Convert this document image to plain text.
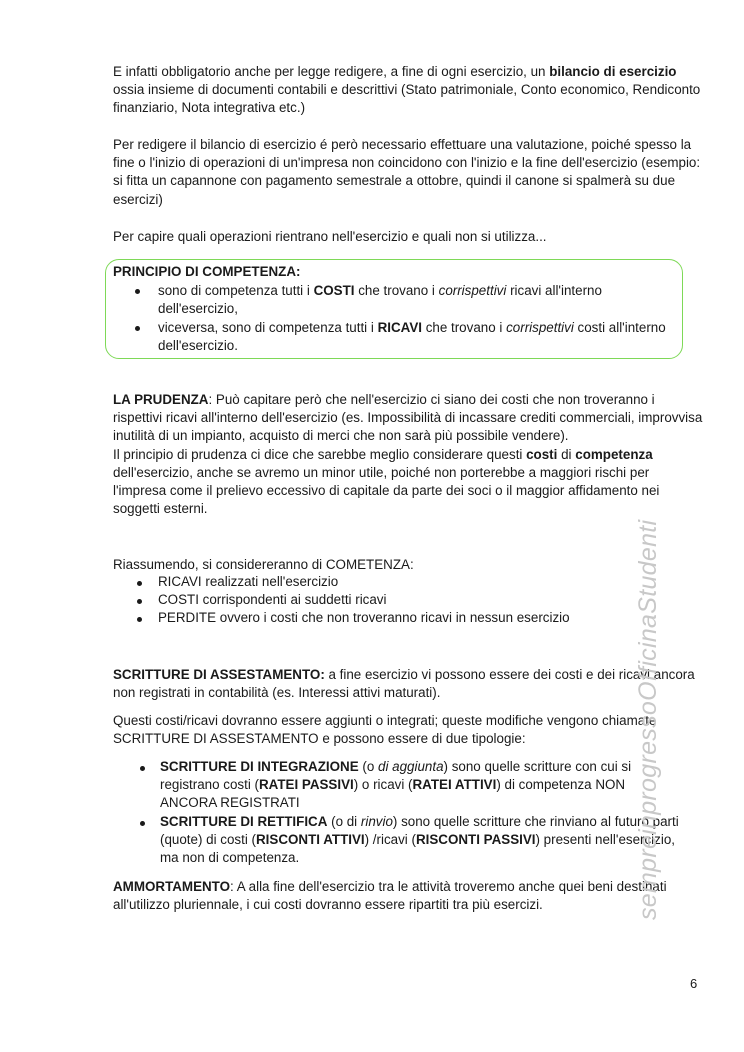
E infatti obbligatorio anche per legge redigere, a fine di ogni esercizio, un bilancio di esercizio ossia insieme di documenti contabili e descrittivi (Stato patrimoniale, Conto economico, Rendiconto finanziario, Nota integrativa etc.)

Per redigere il bilancio di esercizio é però necessario effettuare una valutazione, poiché spesso la fine o l'inizio di operazioni di un'impresa non coincidono con l'inizio e la fine dell'esercizio (esempio: si fitta un capannone con pagamento semestrale a ottobre, quindi il canone si spalmerà su due esercizi)

Per capire quali operazioni rientrano nell'esercizio e quali non si utilizza...

PRINCIPIO DI COMPETENZA:

sono di competenza tutti i COSTI che trovano i corrispettivi ricavi all'interno dell'esercizio,

viceversa, sono di competenza tutti i RICAVI che trovano i corrispettivi costi all'interno dell'esercizio.

LA PRUDENZA: Può capitare però che nell'esercizio ci siano dei costi che non troveranno i rispettivi ricavi all'interno dell'esercizio (es. Impossibilità di incassare crediti commerciali, improvvisa inutilità di un impianto, acquisto di merci che non sarà più possibile vendere).
Il principio di prudenza ci dice che sarebbe meglio considerare questi costi di competenza dell'esercizio, anche se avremo un minor utile, poiché non porterebbe a maggiori rischi per l'impresa come il prelievo eccessivo di capitale da parte dei soci o il maggior affidamento nei soggetti esterni.

Riassumendo, si considereranno di COMETENZA:

RICAVI realizzati nell'esercizio

COSTI corrispondenti ai suddetti ricavi

PERDITE ovvero i costi che non troveranno ricavi in nessun esercizio

SCRITTURE DI ASSESTAMENTO: a fine esercizio vi possono essere dei costi e dei ricavi ancora non registrati in contabilità (es. Interessi attivi maturati).

Questi costi/ricavi dovranno essere aggiunti o integrati; queste modifiche vengono chiamate SCRITTURE DI ASSESTAMENTO e possono essere di due tipologie:

SCRITTURE DI INTEGRAZIONE (o di aggiunta) sono quelle scritture con cui si registrano costi (RATEI PASSIVI) o ricavi (RATEI ATTIVI) di competenza NON ANCORA REGISTRATI

SCRITTURE DI RETTIFICA (o di rinvio) sono quelle scritture che rinviano al futuro parti (quote) di costi (RISCONTI ATTIVI) /ricavi (RISCONTI PASSIVI) presenti nell'esercizio, ma non di competenza.

AMMORTAMENTO: A alla fine dell'esercizio tra le attività troveremo anche quei beni destinati all'utilizzo pluriennale, i cui costi dovranno essere ripartiti tra più esercizi.	sempreinprogressoOfficinaStudenti
6
